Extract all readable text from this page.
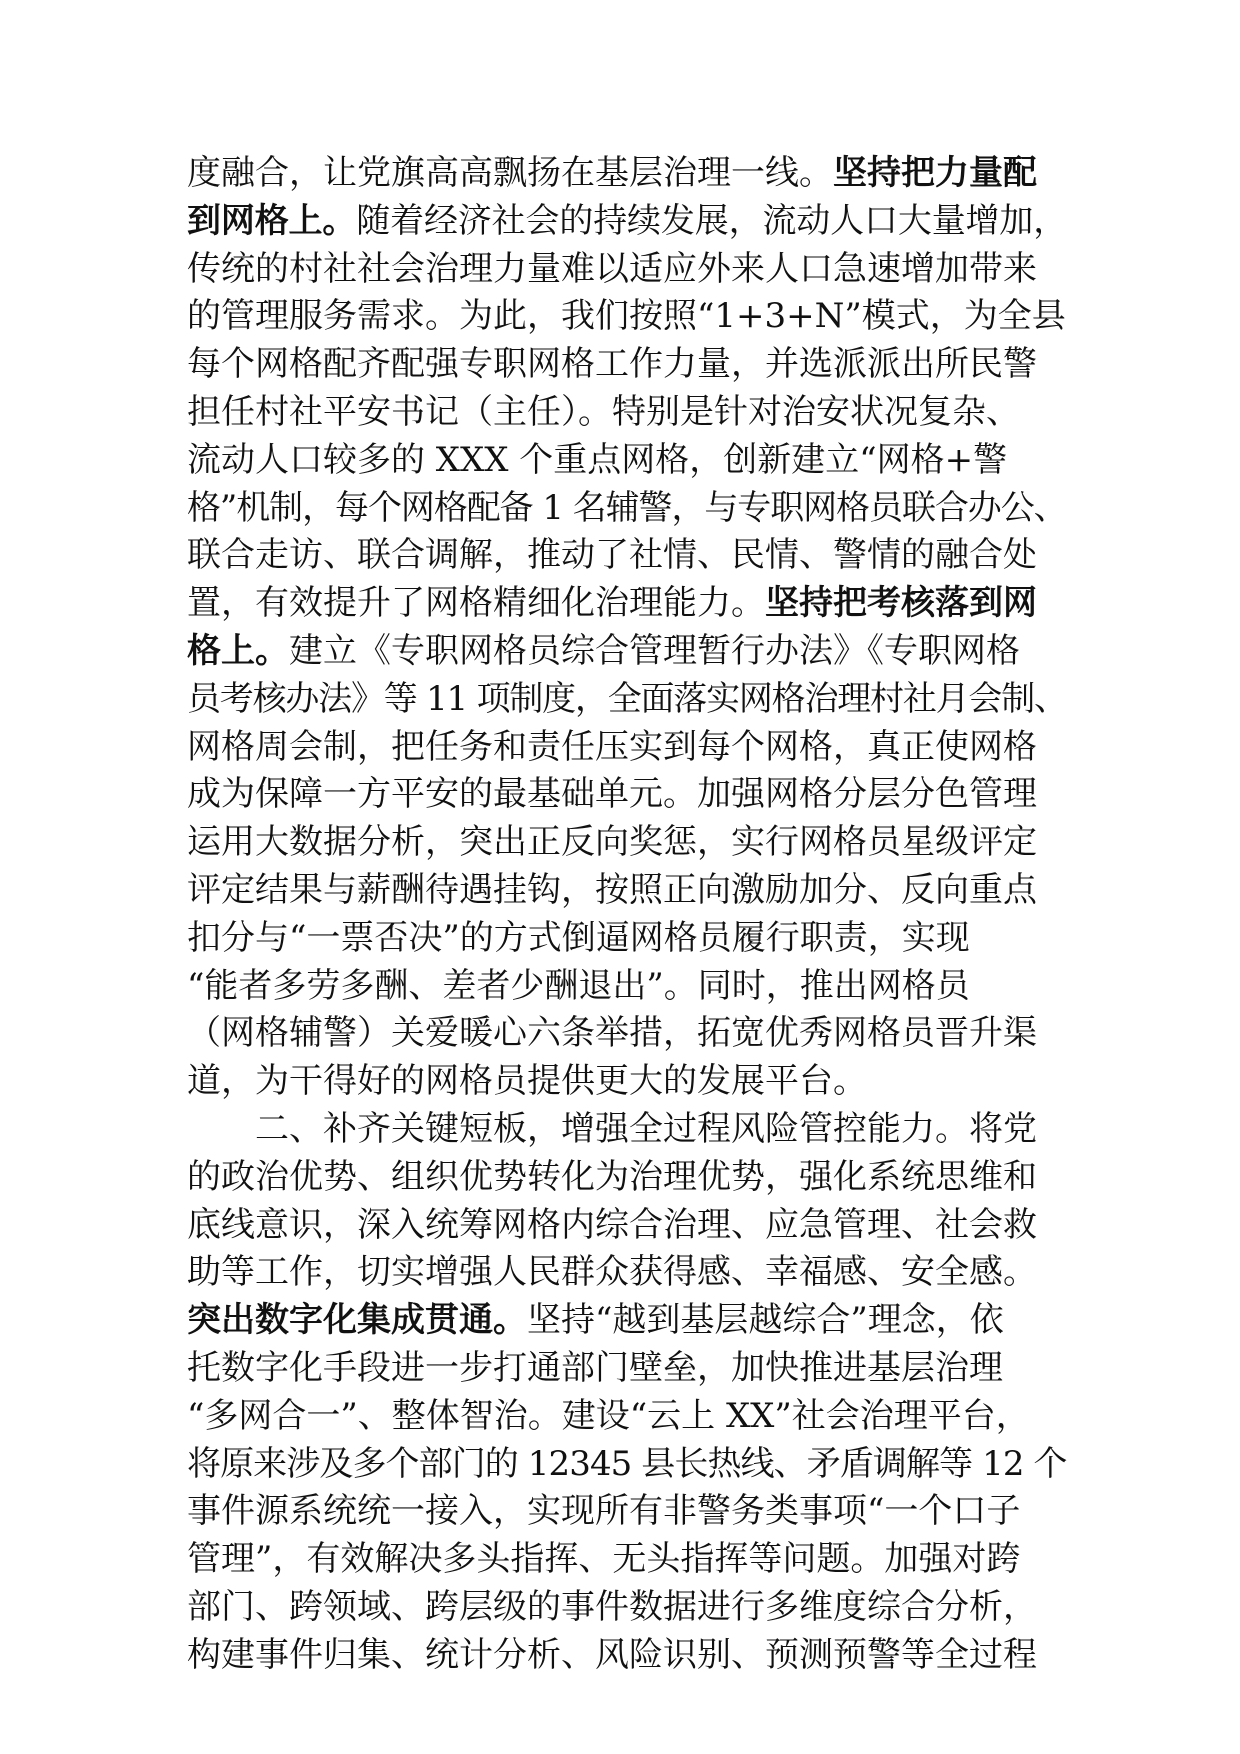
度融合，让党旗高高飘扬在基层治理一线。坚持把力量配
到网格上。随着经济社会的持续发展，流动人口大量增加，
传统的村社社会治理力量难以适应外来人口急速增加带来
的管理服务需求。为此，我们按照“1+3+N”模式，为全县
每个网格配齐配强专职网格工作力量，并选派派出所民警
担任村社平安书记（主任）。特别是针对治安状况复杂、
流动人口较多的 XXX 个重点网格，创新建立“网格+警
格”机制，每个网格配备 1 名辅警，与专职网格员联合办公、
联合走访、联合调解，推动了社情、民情、警情的融合处
置，有效提升了网格精细化治理能力。坚持把考核落到网
格上。建立《专职网格员综合管理暂行办法》《专职网格
员考核办法》等 11 项制度，全面落实网格治理村社月会制、
网格周会制，把任务和责任压实到每个网格，真正使网格
成为保障一方平安的最基础单元。加强网格分层分色管理
运用大数据分析，突出正反向奖惩，实行网格员星级评定
评定结果与薪酬待遇挂钩，按照正向激励加分、反向重点
扣分与“一票否决”的方式倒逼网格员履行职责，实现
“能者多劳多酬、差者少酬退出”。同时，推出网格员
（网格辅警）关爱暖心六条举措，拓宽优秀网格员晋升渠
道，为干得好的网格员提供更大的发展平台。
二、补齐关键短板，增强全过程风险管控能力。将党
的政治优势、组织优势转化为治理优势，强化系统思维和
底线意识，深入统筹网格内综合治理、应急管理、社会救
助等工作，切实增强人民群众获得感、幸福感、安全感。
突出数字化集成贯通。坚持“越到基层越综合”理念，依
托数字化手段进一步打通部门壁垒，加快推进基层治理
“多网合一”、整体智治。建设“云上 XX”社会治理平台，
将原来涉及多个部门的 12345 县长热线、矛盾调解等 12 个
事件源系统统一接入，实现所有非警务类事项“一个口子
管理”，有效解决多头指挥、无头指挥等问题。加强对跨
部门、跨领域、跨层级的事件数据进行多维度综合分析，
构建事件归集、统计分析、风险识别、预测预警等全过程
